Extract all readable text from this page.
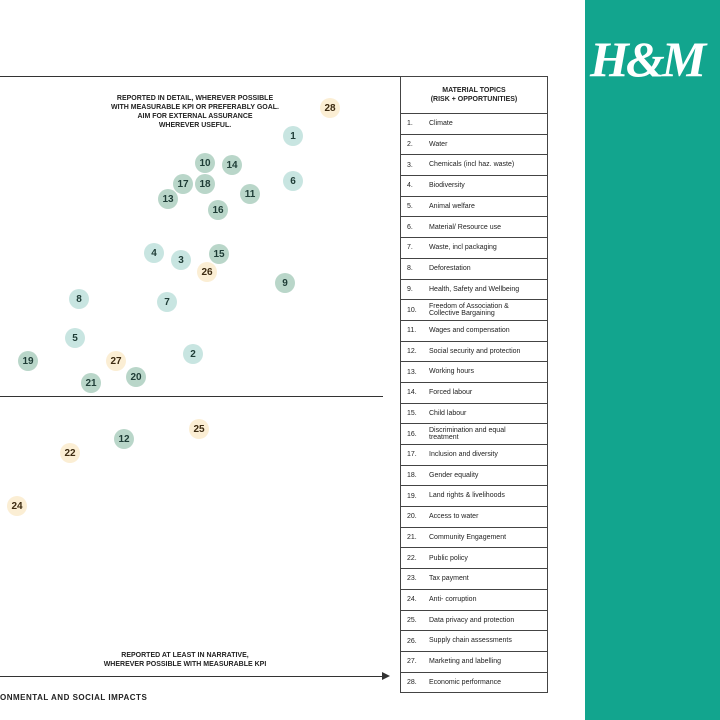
H&M
REPORTED IN DETAIL, WHEREVER POSSIBLE
WITH MEASURABLE KPI OR PREFERABLY GOAL.
AIM FOR EXTERNAL ASSURANCE
WHEREVER USEFUL.
REPORTED AT LEAST IN NARRATIVE,
WHEREVER POSSIBLE WITH MEASURABLE KPI
ONMENTAL AND SOCIAL IMPACTS
28
1
10	14
17	18
11
6
13
16
4
3
15
26
9
8	7
5
2
19	27
20
21
25
12
22
24
MATERIAL TOPICS
(RISK + OPPORTUNITIES)
1.	Climate
2.	Water
3.	Chemicals (incl haz. waste)
4.	Biodiversity
5.	Animal welfare
6.	Material/ Resource use
7.	Waste, incl packaging
8.	Deforestation
9.	Health, Safety and Wellbeing
10.
Freedom of Association &
Collective Bargaining
11.	Wages and compensation
12.	Social security and protection
13.	Working hours
14.	Forced labour
15.	Child labour
16.
Discrimination and equal
treatment
17.	Inclusion and diversity
18.	Gender equality
19.	Land rights & livelihoods
20.	Access to water
21.	Community Engagement
22.	Public policy
23.	Tax payment
24.	Anti- corruption
25.	Data privacy and protection
26.	Supply chain assessments
27.	Marketing and labelling
28.	Economic performance
